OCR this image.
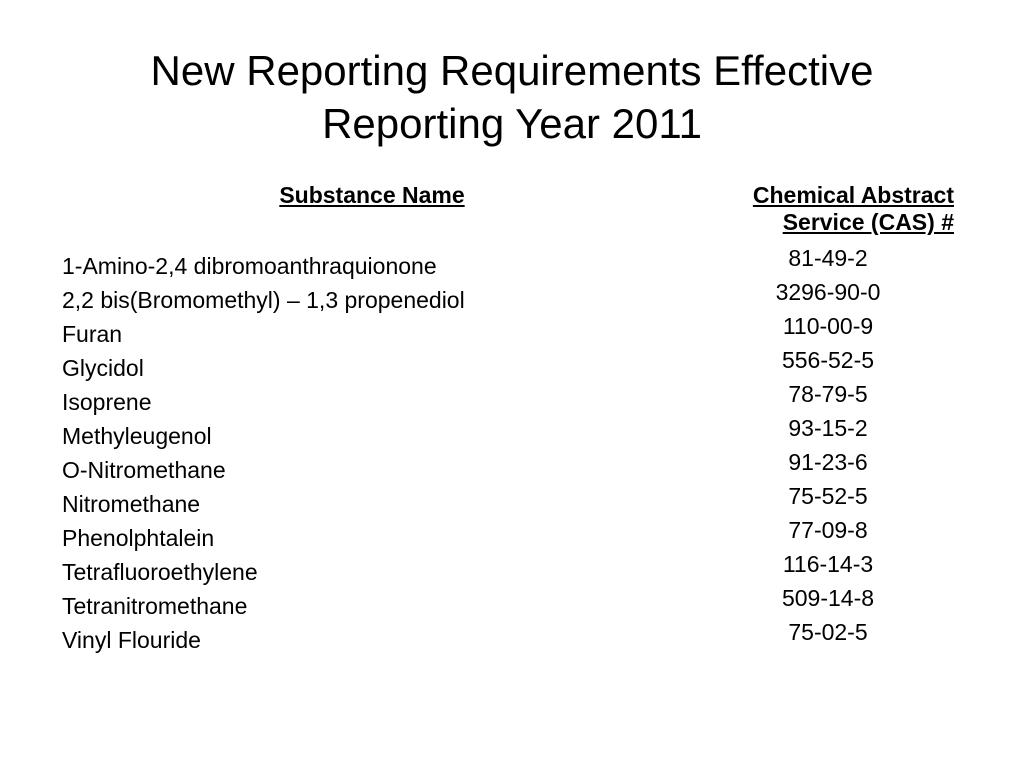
New Reporting Requirements Effective
Reporting Year 2011
Substance Name
1-Amino-2,4 dibromoanthraquionone
2,2 bis(Bromomethyl) – 1,3 propenediol
Furan
Glycidol
Isoprene
Methyleugenol
O-Nitromethane
Nitromethane
Phenolphtalein
Tetrafluoroethylene
Tetranitromethane
Vinyl Flouride
Chemical Abstract
Service (CAS) #
81-49-2
3296-90-0
110-00-9
556-52-5
78-79-5
93-15-2
91-23-6
75-52-5
77-09-8
116-14-3
509-14-8
75-02-5
